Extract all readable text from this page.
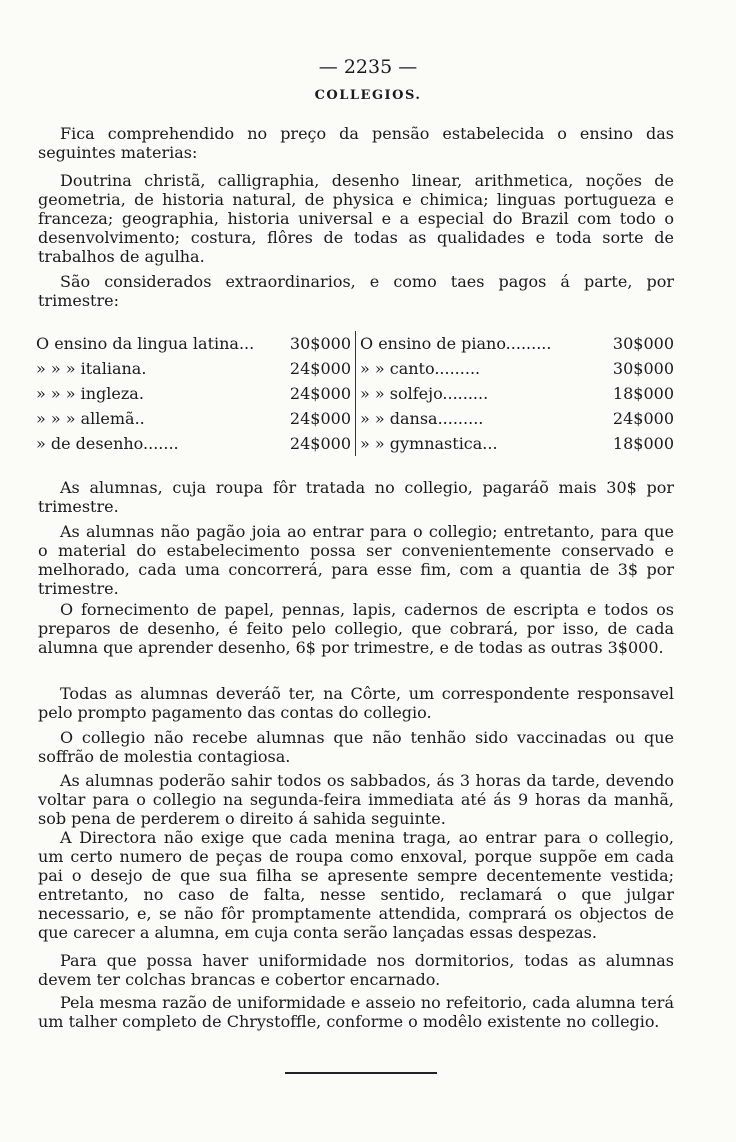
— 2235 —
COLLEGIOS.
Fica comprehendido no preço da pensão estabelecida o ensino das seguintes materias:
Doutrina christã, calligraphia, desenho linear, arithmetica, noções de geometria, de historia natural, de physica e chimica; linguas portugueza e franceza; geographia, historia universal e a especial do Brazil com todo o desenvolvimento; costura, flôres de todas as qualidades e toda sorte de trabalhos de agulha.
São considerados extraordinarios, e como taes pagos á parte, por trimestre:
O ensino da lingua latina...	30$000 O ensino de piano.........	30$000
» » » italiana.	24$000 » » canto.........	30$000
» » » ingleza.	24$000 » » solfejo.........	18$000
» » » allemã..	24$000 » » dansa.........	24$000
» de desenho.......	24$000 » » gymnastica...	18$000
As alumnas, cuja roupa fôr tratada no collegio, pagaráõ mais 30$ por trimestre.
As alumnas não pagão joia ao entrar para o collegio; entretanto, para que o material do estabelecimento possa ser convenientemente conservado e melhorado, cada uma concorrerá, para esse fim, com a quantia de 3$ por trimestre.
O fornecimento de papel, pennas, lapis, cadernos de escripta e todos os preparos de desenho, é feito pelo collegio, que cobrará, por isso, de cada alumna que aprender desenho, 6$ por trimestre, e de todas as outras 3$000.
Todas as alumnas deveráõ ter, na Côrte, um correspondente responsavel pelo prompto pagamento das contas do collegio.
O collegio não recebe alumnas que não tenhão sido vaccinadas ou que soffrão de molestia contagiosa.
As alumnas poderão sahir todos os sabbados, ás 3 horas da tarde, devendo voltar para o collegio na segunda-feira immediata até ás 9 horas da manhã, sob pena de perderem o direito á sahida seguinte.
A Directora não exige que cada menina traga, ao entrar para o collegio, um certo numero de peças de roupa como enxoval, porque suppõe em cada pai o desejo de que sua filha se apresente sempre decentemente vestida; entretanto, no caso de falta, nesse sentido, reclamará o que julgar necessario, e, se não fôr promptamente attendida, comprará os objectos de que carecer a alumna, em cuja conta serão lançadas essas despezas.
Para que possa haver uniformidade nos dormitorios, todas as alumnas devem ter colchas brancas e cobertor encarnado.
Pela mesma razão de uniformidade e asseio no refeitorio, cada alumna terá um talher completo de Chrystoffle, conforme o modêlo existente no collegio.
